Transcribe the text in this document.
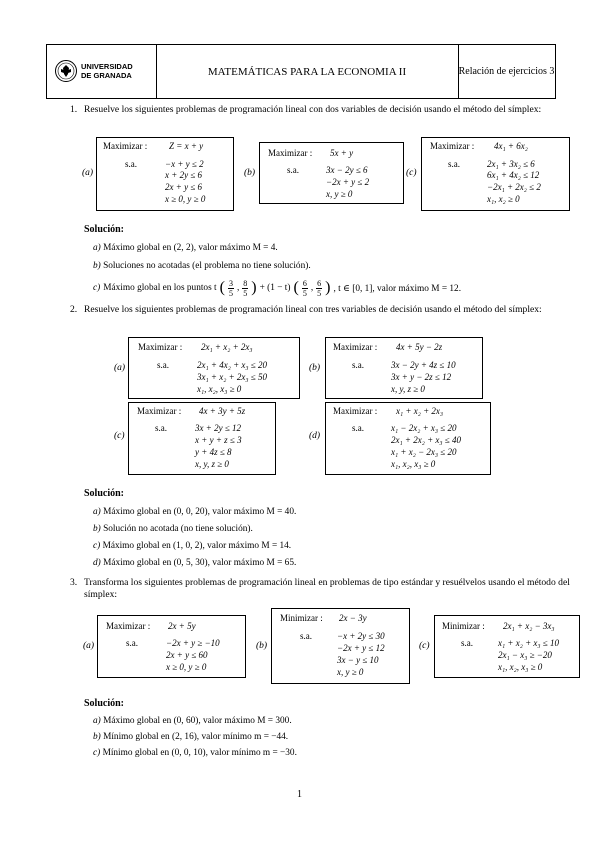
UNIVERSIDAD
DE GRANADA	MATEMÁTICAS PARA LA ECONOMIA II	Relación de ejercicios 3
1. Resuelve los siguientes problemas de programación lineal con dos variables de decisión usando el método del símplex:
(a)
Maximizar : Z = x + y
s.a.	−x + y ≤ 2
x + 2y ≤ 6
2x + y ≤ 6
x ≥ 0, y ≥ 0
(b)
Maximizar : 5x + y
s.a.	3x − 2y ≤ 6
−2x + y ≤ 2
x, y ≥ 0
(c)
Maximizar : 4x₁ + 6x₂
s.a.	2x₁ + 3x₂ ≤ 6
6x₁ + 4x₂ ≤ 12
−2x₁ + 2x₂ ≤ 2
x₁, x₂ ≥ 0
Solución:
a) Máximo global en (2, 2), valor máximo M = 4.
b) Soluciones no acotadas (el problema no tiene solución).
c) Máximo global en los puntos t ( $\frac{3}{5}$ , $\frac{8}{5}$ ) + (1 − t) ( $\frac{6}{5}$ , $\frac{6}{5}$ ) , t ∈ [0, 1], valor máximo M = 12.
2. Resuelve los siguientes problemas de programación lineal con tres variables de decisión usando el método del símplex:
(a)
Maximizar : 2x₁ + x₂ + 2x₃
s.a.	2x₁ + 4x₂ + x₃ ≤ 20
3x₁ + x₂ + 2x₃ ≤ 50
x₁, x₂, x₃ ≥ 0
(b)
Maximizar : 4x + 5y − 2z
s.a.	3x − 2y + 4z ≤ 10
3x + y − 2z ≤ 12
x, y, z ≥ 0
(c)
Maximizar : 4x + 3y + 5z
s.a.	3x + 2y ≤ 12
x + y + z ≤ 3
y + 4z ≤ 8
x, y, z ≥ 0
(d)
Maximizar : x₁ + x₂ + 2x₃
s.a.	x₁ − 2x₂ + x₃ ≤ 20
2x₁ + 2x₂ + x₃ ≤ 40
x₁ + x₂ − 2x₃ ≤ 20
x₁, x₂, x₃ ≥ 0
Solución:
a) Máximo global en (0, 0, 20), valor máximo M = 40.
b) Solución no acotada (no tiene solución).
c) Máximo global en (1, 0, 2), valor máximo M = 14.
d) Máximo global en (0, 5, 30), valor máximo M = 65.
3. Transforma los siguientes problemas de programación lineal en problemas de tipo estándar y resuélvelos usando el método del símplex:
(a)
Maximizar : 2x + 5y
s.a.	−2x + y ≥ −10
2x + y ≤ 60
x ≥ 0, y ≥ 0
(b)
Minimizar : 2x − 3y
s.a.	−x + 2y ≤ 30
−2x + y ≤ 12
3x − y ≤ 10
x, y ≥ 0
(c)
Minimizar : 2x₁ + x₂ − 3x₃
s.a.	x₁ + x₂ + x₃ ≤ 10
2x₁ − x₃ ≥ −20
x₁, x₂, x₃ ≥ 0
Solución:
a) Máximo global en (0, 60), valor máximo M = 300.
b) Mínimo global en (2, 16), valor mínimo m = −44.
c) Mínimo global en (0, 0, 10), valor mínimo m = −30.
1
